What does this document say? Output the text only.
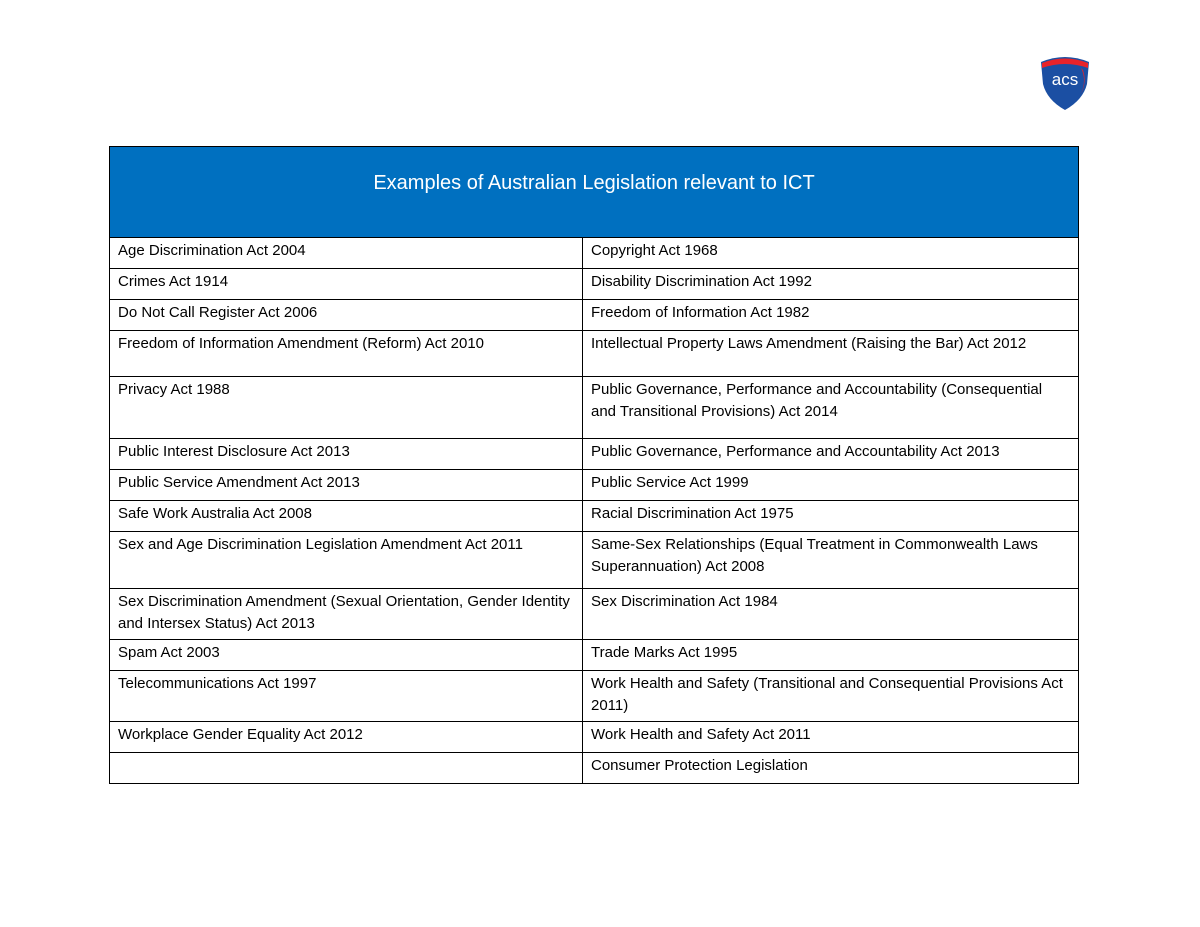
acs
Examples of Australian Legislation relevant to ICT	
Age Discrimination Act 2004	Copyright Act 1968
Crimes Act 1914	Disability Discrimination Act 1992
Do Not Call Register Act 2006	Freedom of Information Act 1982
Freedom of Information Amendment (Reform) Act 2010	Intellectual Property Laws Amendment (Raising the Bar) Act 2012
Privacy Act 1988	Public Governance, Performance and Accountability (Consequential and Transitional Provisions) Act 2014
Public Interest Disclosure Act 2013	Public Governance, Performance and Accountability Act 2013
Public Service Amendment Act 2013	Public Service Act 1999
Safe Work Australia Act 2008	Racial Discrimination Act 1975
Sex and Age Discrimination Legislation Amendment Act 2011	Same-Sex Relationships (Equal Treatment in Commonwealth Laws Superannuation) Act 2008
Sex Discrimination Amendment (Sexual Orientation, Gender Identity and Intersex Status) Act 2013	Sex Discrimination Act 1984
Spam Act 2003	Trade Marks Act 1995
Telecommunications Act 1997	Work Health and Safety (Transitional and Consequential Provisions Act 2011)
Workplace Gender Equality Act 2012	Work Health and Safety Act 2011
	Consumer Protection Legislation
